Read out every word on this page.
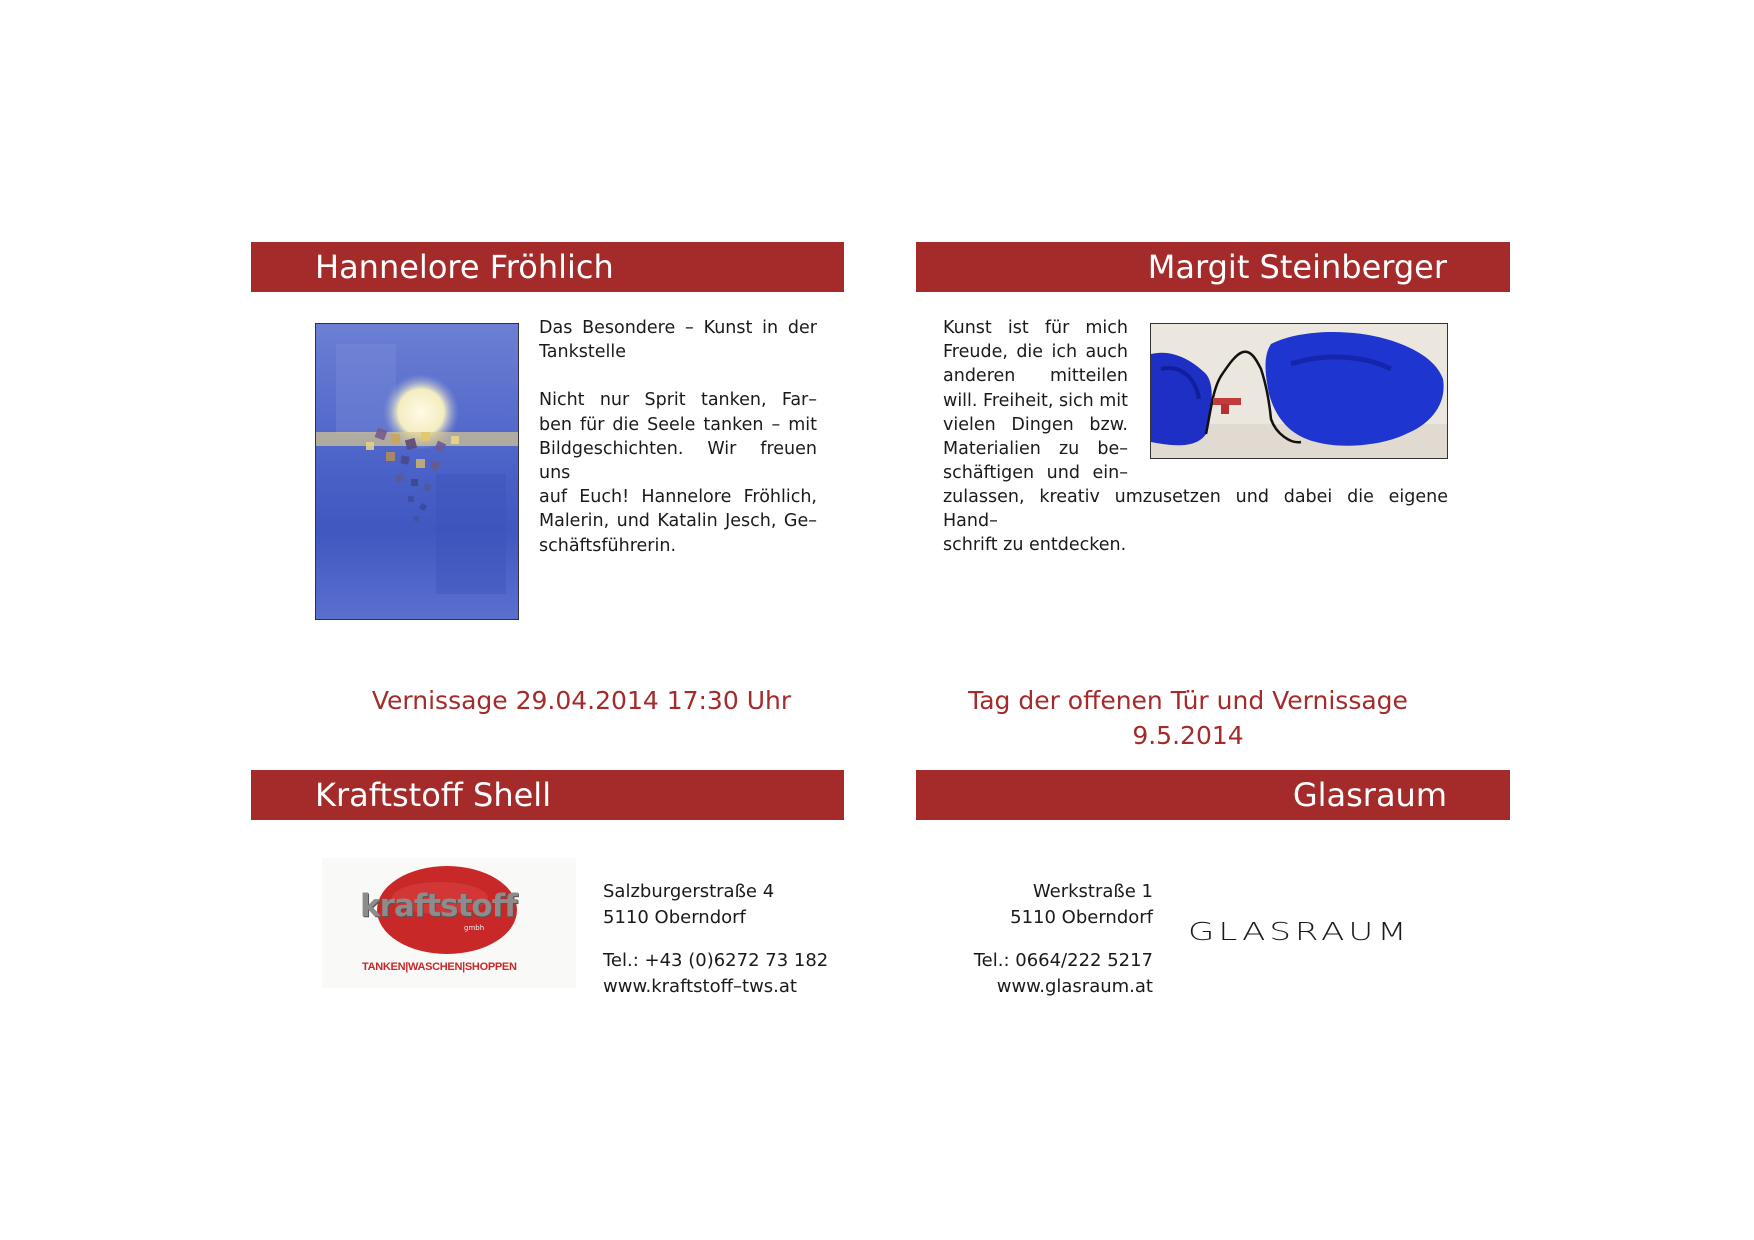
Hannelore Fröhlich	Margit Steinberger

Das Besondere – Kunst in der

Tankstelle

Nicht nur Sprit tanken, Far–

ben für die Seele tanken – mit

Bildgeschichten. Wir freuen uns

auf Euch! Hannelore Fröhlich,

Malerin, und Katalin Jesch, Ge–

schäftsführerin.

Kunst ist für mich

Freude, die ich auch

anderen mitteilen

will. Freiheit, sich mit

vielen Dingen bzw.

Materialien zu be–

schäftigen und ein–

zulassen, kreativ umzusetzen und dabei die eigene Hand–

schrift zu entdecken.

Vernissage 29.04.2014 17:30 Uhr	Tag der offenen Tür und Vernissage
9.5.2014
Kraftstoff Shell	Glasraum
kraftstoff
gmbh
TANKEN|WASCHEN|SHOPPEN

Salzburgerstraße 4

5110 Oberndorf

Tel.: +43 (0)6272 73 182

www.kraftstoff–tws.at

Werkstraße 1

5110 Oberndorf

Tel.: 0664/222 5217

www.glasraum.at

GLASRAUM
